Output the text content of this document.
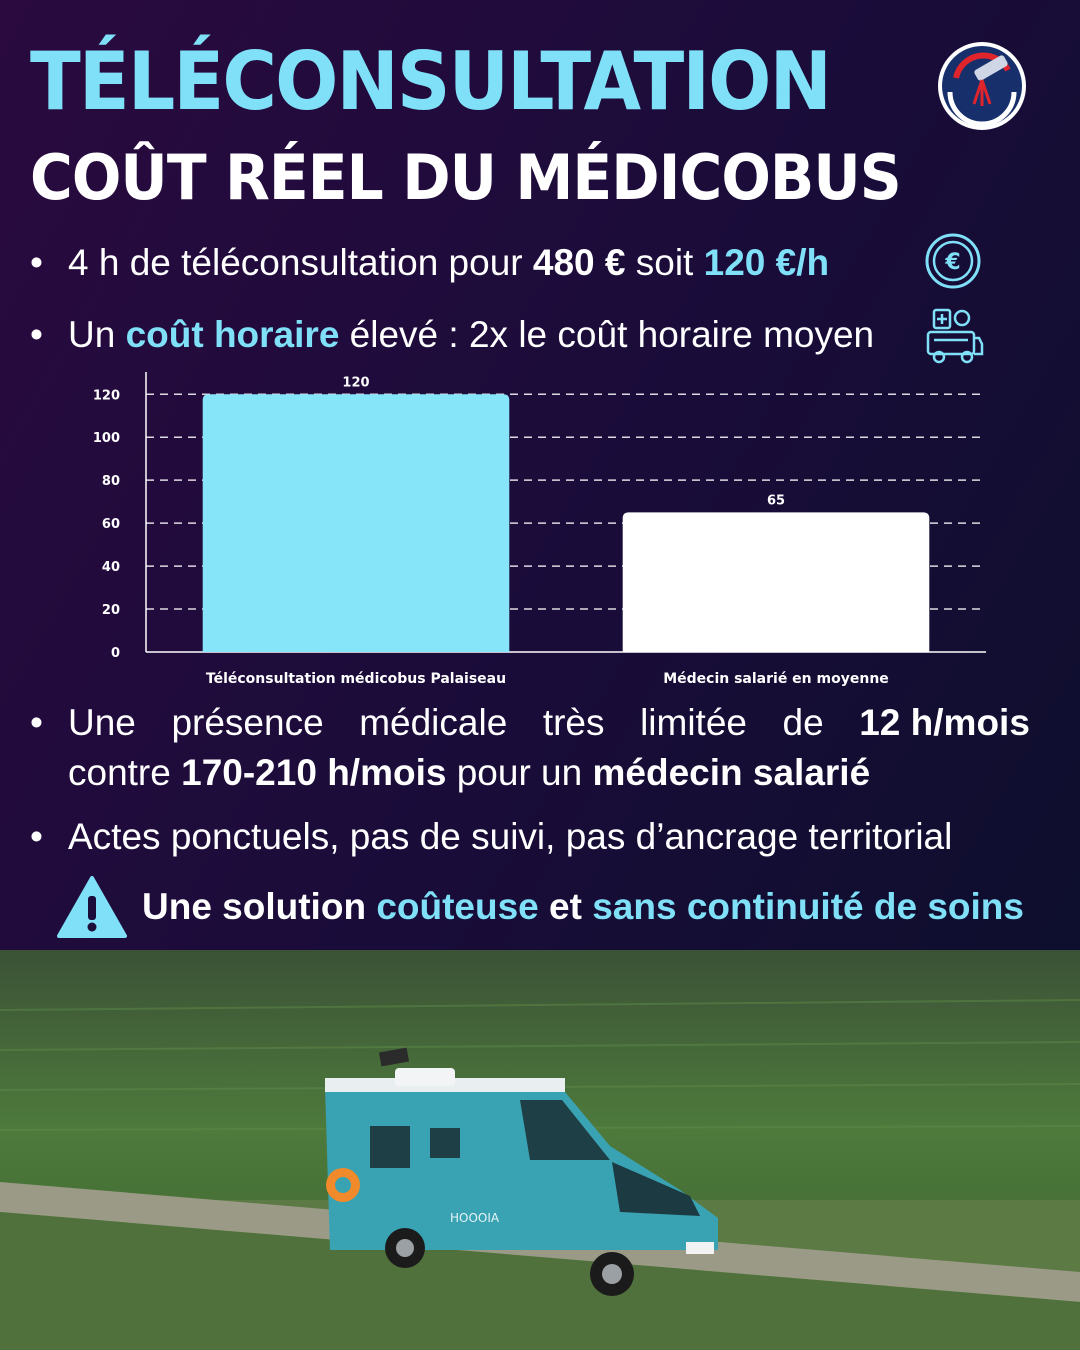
TÉLÉCONSULTATION
COÛT RÉEL DU MÉDICOBUS
• 4 h de téléconsultation pour 480 € soit 120 €/h	€
• Un coût horaire élevé : 2x le coût horaire moyen
0
20
40
60
80
100
120
120
Téléconsultation médicobus Palaiseau
65
Médecin salarié en moyenne
• Une présence médicale très limitée de 12 h/mois
contre 170-210 h/mois pour un médecin salarié
• Actes ponctuels, pas de suivi, pas d’ancrage territorial
Une solution
coûteuse et sans continuité de soins
HOOOIA
